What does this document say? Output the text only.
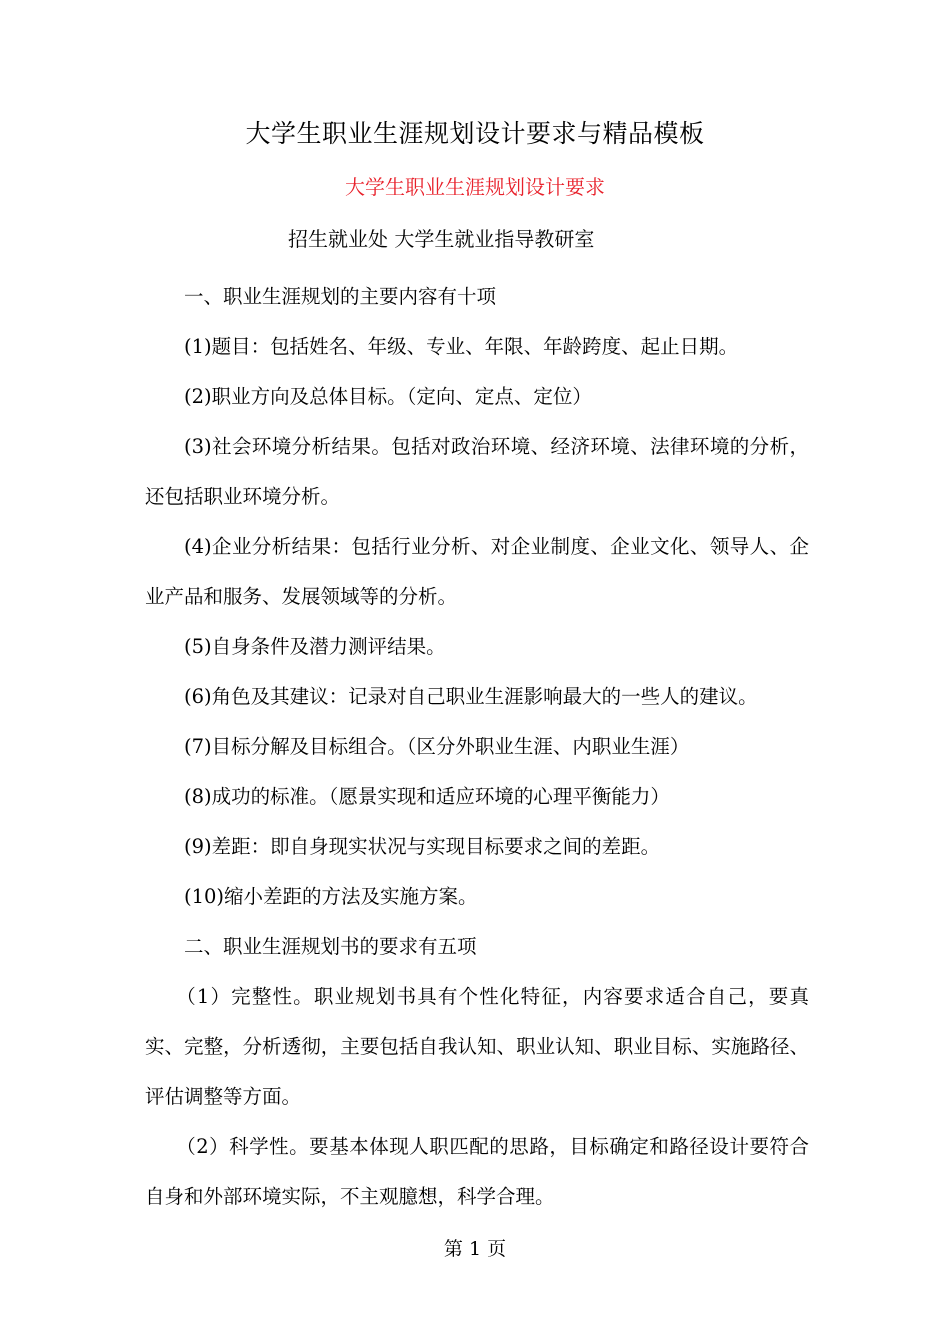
大学生职业生涯规划设计要求与精品模板
大学生职业生涯规划设计要求
招生就业处 大学生就业指导教研室

一、职业生涯规划的主要内容有十项

(1)题目：包括姓名、年级、专业、年限、年龄跨度、起止日期。

(2)职业方向及总体目标。（定向、定点、定位）

(3)社会环境分析结果。包括对政治环境、经济环境、法律环境的分析，还包括职业环境分析。

(4)企业分析结果：包括行业分析、对企业制度、企业文化、领导人、企业产品和服务、发展领域等的分析。

(5)自身条件及潜力测评结果。

(6)角色及其建议：记录对自己职业生涯影响最大的一些人的建议。

(7)目标分解及目标组合。（区分外职业生涯、内职业生涯）

(8)成功的标准。（愿景实现和适应环境的心理平衡能力）

(9)差距：即自身现实状况与实现目标要求之间的差距。

(10)缩小差距的方法及实施方案。

二、职业生涯规划书的要求有五项

（1）完整性。职业规划书具有个性化特征，内容要求适合自己，要真实、完整，分析透彻，主要包括自我认知、职业认知、职业目标、实施路径、评估调整等方面。

（2）科学性。要基本体现人职匹配的思路，目标确定和路径设计要符合自身和外部环境实际，不主观臆想，科学合理。

第 1 页
